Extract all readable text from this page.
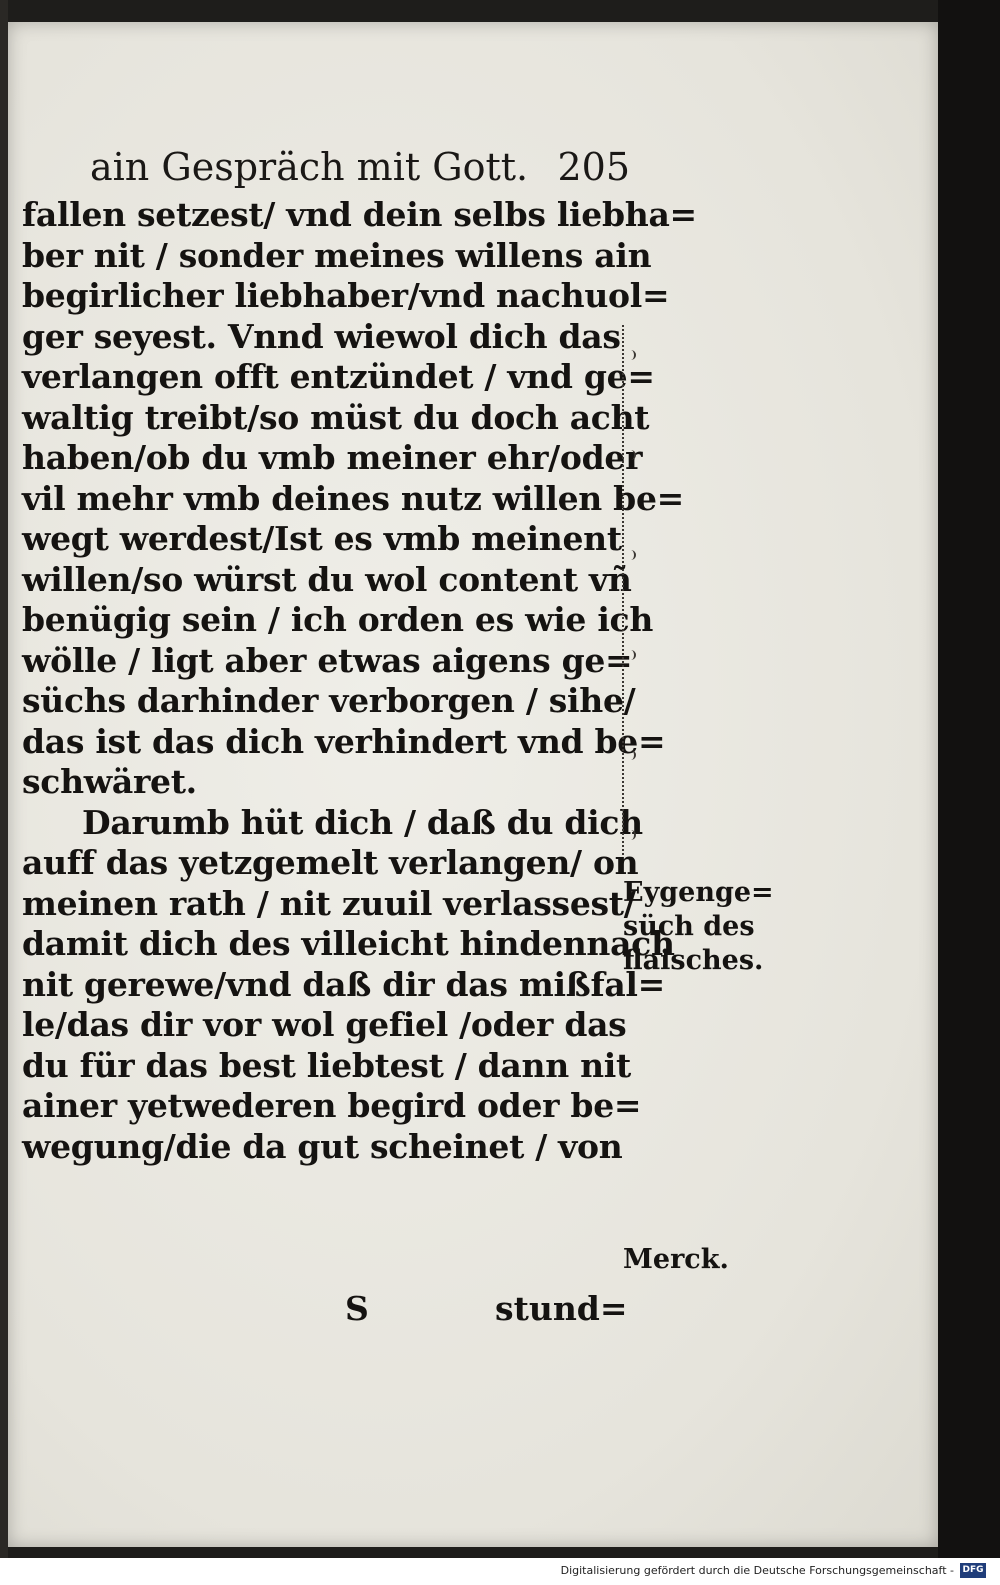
ain Gespräch mit Gott. 205
fallen setzest/ vnd dein selbs liebha=
ber nit / sonder meines willens ain
begirlicher liebhaber/vnd nachuol=
ger seyest. Vnnd wiewol dich das
verlangen offt entzündet / vnd ge=
waltig treibt/so müst du doch acht
haben/ob du vmb meiner ehr/oder
vil mehr vmb deines nutz willen be=
wegt werdest/Ist es vmb meinent
willen/so würst du wol content vñ
benügig sein / ich orden es wie ich
wölle / ligt aber etwas aigens ge=
süchs darhinder verborgen / sihe/
das ist das dich verhindert vnd be=
schwäret.
Darumb hüt dich / daß du dich
auff das yetzgemelt verlangen/ on
meinen rath / nit zuuil verlassest/
damit dich des villeicht hindennach
nit gerewe/vnd daß dir das mißfal=
le/das dir vor wol gefiel /oder das
du für das best liebtest / dann nit
ainer yetwederen begird oder be=
wegung/die da gut scheinet / von
Eygenge=
süch des
flaisches.
Merck.
S	stund=
Digitalisierung gefördert durch die Deutsche Forschungsgemeinschaft - DFG
